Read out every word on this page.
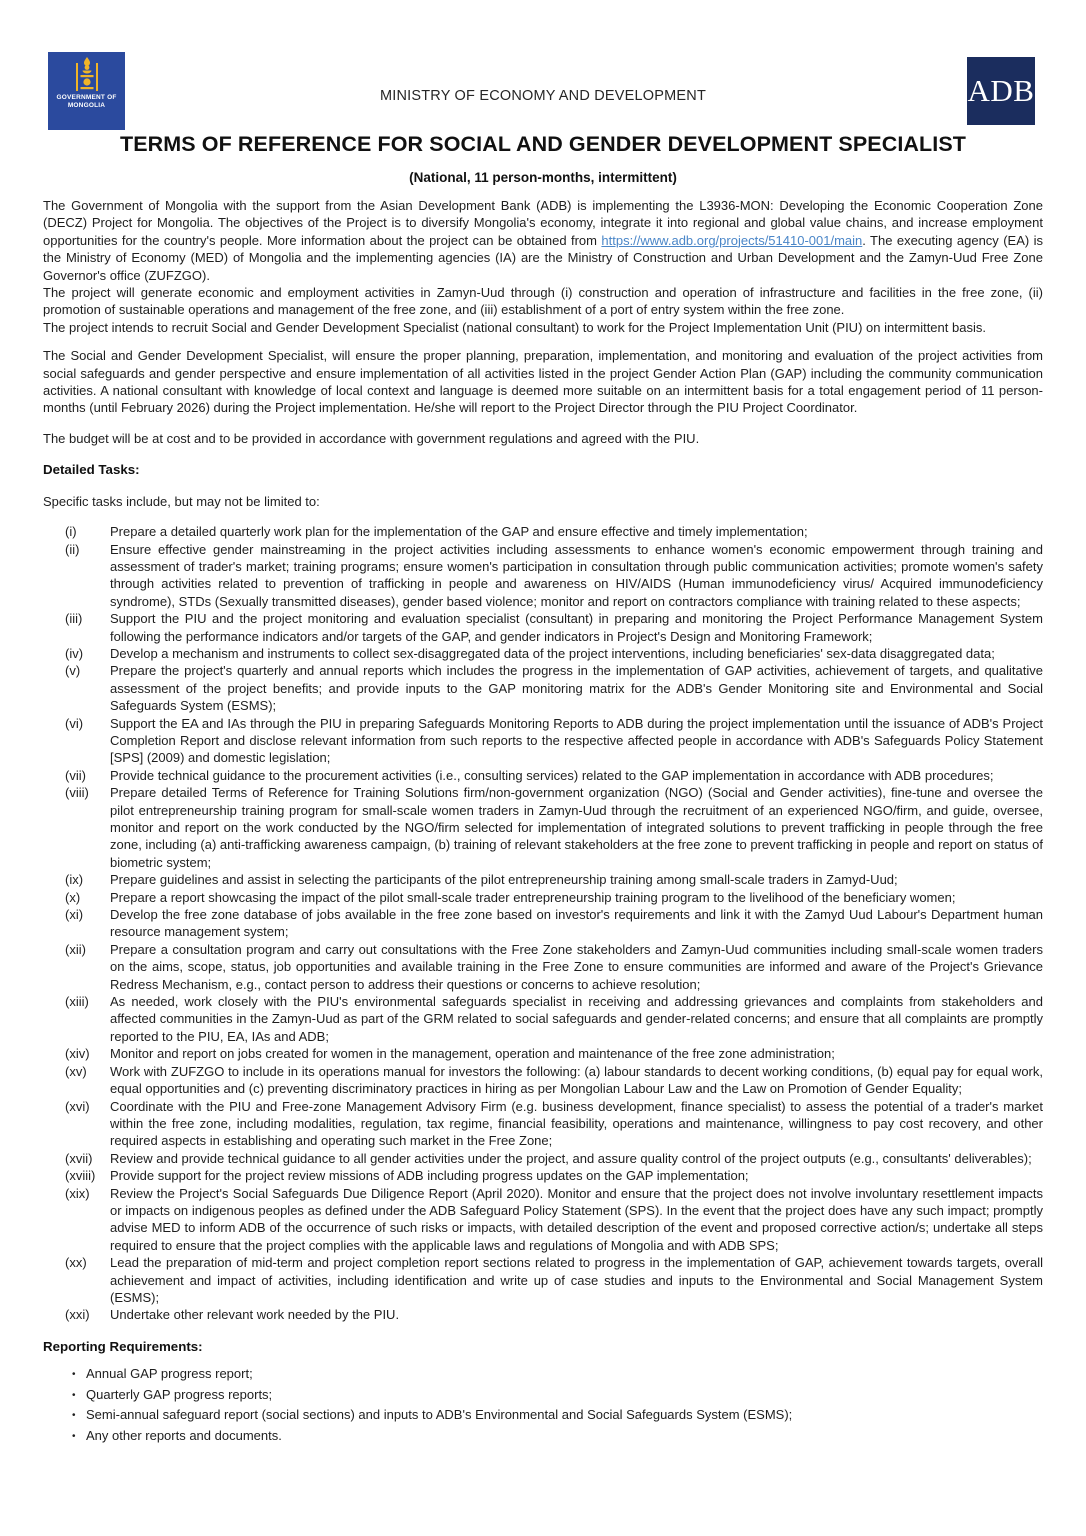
GOVERNMENT OF
MONGOLIA
MINISTRY OF ECONOMY AND DEVELOPMENT	ADB
TERMS OF REFERENCE FOR SOCIAL AND GENDER DEVELOPMENT SPECIALIST
(National, 11 person-months, intermittent)

The Government of Mongolia with the support from the Asian Development Bank (ADB) is implementing the L3936-MON: Developing the Economic Cooperation Zone (DECZ) Project for Mongolia. The objectives of the Project is to diversify Mongolia's economy, integrate it into regional and global value chains, and increase employment opportunities for the country's people. More information about the project can be obtained from https://www.adb.org/projects/51410-001/main. The executing agency (EA) is the Ministry of Economy (MED) of Mongolia and the implementing agencies (IA) are the Ministry of Construction and Urban Development and the Zamyn-Uud Free Zone Governor's office (ZUFZGO).

The project will generate economic and employment activities in Zamyn-Uud through (i) construction and operation of infrastructure and facilities in the free zone, (ii) promotion of sustainable operations and management of the free zone, and (iii) establishment of a port of entry system within the free zone.

The project intends to recruit Social and Gender Development Specialist (national consultant) to work for the Project Implementation Unit (PIU) on intermittent basis.

The Social and Gender Development Specialist, will ensure the proper planning, preparation, implementation, and monitoring and evaluation of the project activities from social safeguards and gender perspective and ensure implementation of all activities listed in the project Gender Action Plan (GAP) including the community communication activities. A national consultant with knowledge of local context and language is deemed more suitable on an intermittent basis for a total engagement period of 11 person-months (until February 2026) during the Project implementation. He/she will report to the Project Director through the PIU Project Coordinator.

The budget will be at cost and to be provided in accordance with government regulations and agreed with the PIU.

Detailed Tasks:

Specific tasks include, but may not be limited to:

(i)	Prepare a detailed quarterly work plan for the implementation of the GAP and ensure effective and timely implementation;
(ii)	Ensure effective gender mainstreaming in the project activities including assessments to enhance women's economic empowerment through training and assessment of trader's market; training programs; ensure women's participation in consultation through public communication activities; promote women's safety through activities related to prevention of trafficking in people and awareness on HIV/AIDS (Human immunodeficiency virus/ Acquired immunodeficiency syndrome), STDs (Sexually transmitted diseases), gender based violence; monitor and report on contractors compliance with training related to these aspects;
(iii)	Support the PIU and the project monitoring and evaluation specialist (consultant) in preparing and monitoring the Project Performance Management System following the performance indicators and/or targets of the GAP, and gender indicators in Project's Design and Monitoring Framework;
(iv)	Develop a mechanism and instruments to collect sex-disaggregated data of the project interventions, including beneficiaries' sex-data disaggregated data;
(v)	Prepare the project's quarterly and annual reports which includes the progress in the implementation of GAP activities, achievement of targets, and qualitative assessment of the project benefits; and provide inputs to the GAP monitoring matrix for the ADB's Gender Monitoring site and Environmental and Social Safeguards System (ESMS);
(vi)	Support the EA and IAs through the PIU in preparing Safeguards Monitoring Reports to ADB during the project implementation until the issuance of ADB's Project Completion Report and disclose relevant information from such reports to the respective affected people in accordance with ADB's Safeguards Policy Statement [SPS] (2009) and domestic legislation;
(vii)	Provide technical guidance to the procurement activities (i.e., consulting services) related to the GAP implementation in accordance with ADB procedures;
(viii)	Prepare detailed Terms of Reference for Training Solutions firm/non-government organization (NGO) (Social and Gender activities), fine-tune and oversee the pilot entrepreneurship training program for small-scale women traders in Zamyn-Uud through the recruitment of an experienced NGO/firm, and guide, oversee, monitor and report on the work conducted by the NGO/firm selected for implementation of integrated solutions to prevent trafficking in people through the free zone, including (a) anti-trafficking awareness campaign, (b) training of relevant stakeholders at the free zone to prevent trafficking in people and report on status of biometric system;
(ix)	Prepare guidelines and assist in selecting the participants of the pilot entrepreneurship training among small-scale traders in Zamyd-Uud;
(x)	Prepare a report showcasing the impact of the pilot small-scale trader entrepreneurship training program to the livelihood of the beneficiary women;
(xi)	Develop the free zone database of jobs available in the free zone based on investor's requirements and link it with the Zamyd Uud Labour's Department human resource management system;
(xii)	Prepare a consultation program and carry out consultations with the Free Zone stakeholders and Zamyn-Uud communities including small-scale women traders on the aims, scope, status, job opportunities and available training in the Free Zone to ensure communities are informed and aware of the Project's Grievance Redress Mechanism, e.g., contact person to address their questions or concerns to achieve resolution;
(xiii)	As needed, work closely with the PIU's environmental safeguards specialist in receiving and addressing grievances and complaints from stakeholders and affected communities in the Zamyn-Uud as part of the GRM related to social safeguards and gender-related concerns; and ensure that all complaints are promptly reported to the PIU, EA, IAs and ADB;
(xiv)	Monitor and report on jobs created for women in the management, operation and maintenance of the free zone administration;
(xv)	Work with ZUFZGO to include in its operations manual for investors the following: (a) labour standards to decent working conditions, (b) equal pay for equal work, equal opportunities and (c) preventing discriminatory practices in hiring as per Mongolian Labour Law and the Law on Promotion of Gender Equality;
(xvi)	Coordinate with the PIU and Free-zone Management Advisory Firm (e.g. business development, finance specialist) to assess the potential of a trader's market within the free zone, including modalities, regulation, tax regime, financial feasibility, operations and maintenance, willingness to pay cost recovery, and other required aspects in establishing and operating such market in the Free Zone;
(xvii)	Review and provide technical guidance to all gender activities under the project, and assure quality control of the project outputs (e.g., consultants' deliverables);
(xviii)	Provide support for the project review missions of ADB including progress updates on the GAP implementation;
(xix)	Review the Project's Social Safeguards Due Diligence Report (April 2020). Monitor and ensure that the project does not involve involuntary resettlement impacts or impacts on indigenous peoples as defined under the ADB Safeguard Policy Statement (SPS). In the event that the project does have any such impact; promptly advise MED to inform ADB of the occurrence of such risks or impacts, with detailed description of the event and proposed corrective action/s; undertake all steps required to ensure that the project complies with the applicable laws and regulations of Mongolia and with ADB SPS;
(xx)	Lead the preparation of mid-term and project completion report sections related to progress in the implementation of GAP, achievement towards targets, overall achievement and impact of activities, including identification and write up of case studies and inputs to the Environmental and Social Management System (ESMS);
(xxi)	Undertake other relevant work needed by the PIU.
Reporting Requirements:
• Annual GAP progress report;
• Quarterly GAP progress reports;
• Semi-annual safeguard report (social sections) and inputs to ADB's Environmental and Social Safeguards System (ESMS);
• Any other reports and documents.
